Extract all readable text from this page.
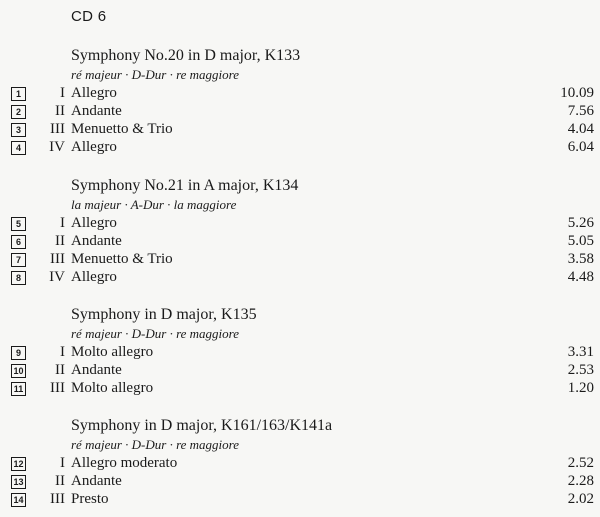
CD 6
Symphony No.20 in D major, K133
ré majeur · D-Dur · re maggiore
1	I Allegro	10.09
2	II Andante	7.56
3	III Menuetto & Trio	4.04
4	IV Allegro	6.04
Symphony No.21 in A major, K134
la majeur · A-Dur · la maggiore
5	I Allegro	5.26
6	II Andante	5.05
7	III Menuetto & Trio	3.58
8	IV Allegro	4.48
Symphony in D major, K135
ré majeur · D-Dur · re maggiore
9	I Molto allegro	3.31
10 II Andante	2.53
11 III Molto allegro	1.20
Symphony in D major, K161/163/K141a
ré majeur · D-Dur · re maggiore
12 I Allegro moderato	2.52
13 II Andante	2.28
14 III Presto	2.02
